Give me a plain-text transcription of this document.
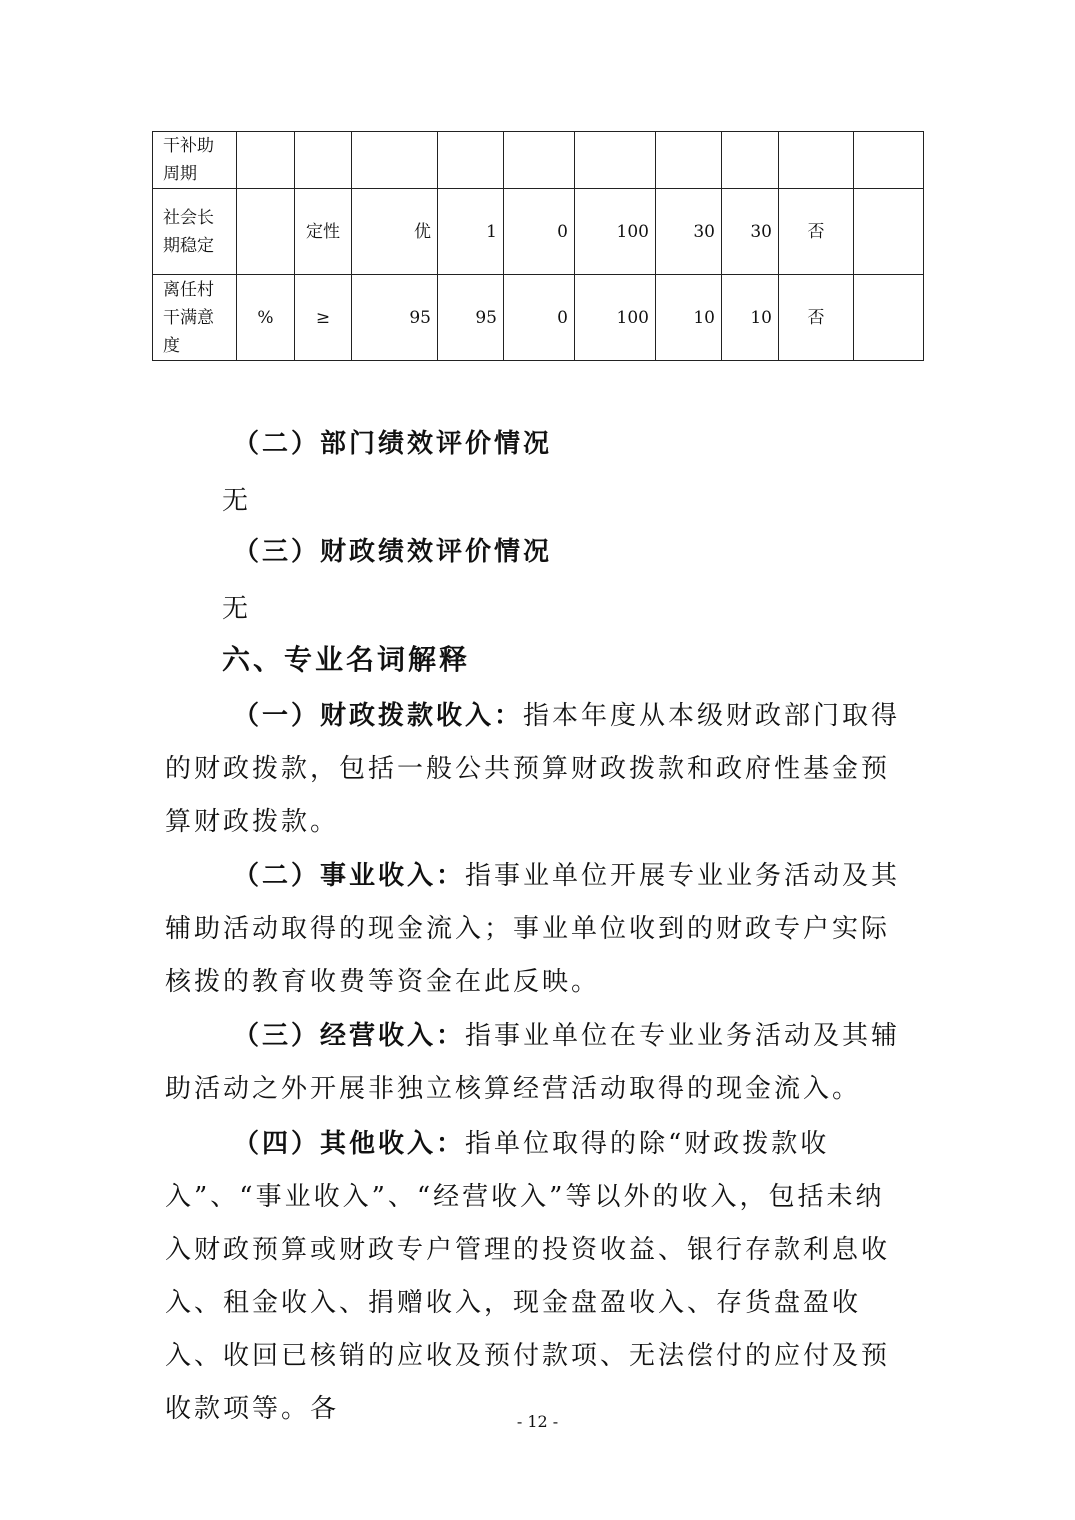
干补助周期										
社会长期稳定		定性	优	1	0	100	30	30	否	
离任村干满意度	%	≥	95	95	0	100	10	10	否	
（二）部门绩效评价情况
无
（三）财政绩效评价情况
无
六、专业名词解释
（一）财政拨款收入：指本年度从本级财政部门取得的财政拨款，包括一般公共预算财政拨款和政府性基金预算财政拨款。
（二）事业收入：指事业单位开展专业业务活动及其辅助活动取得的现金流入；事业单位收到的财政专户实际核拨的教育收费等资金在此反映。
（三）经营收入：指事业单位在专业业务活动及其辅助活动之外开展非独立核算经营活动取得的现金流入。
（四）其他收入：指单位取得的除“财政拨款收入”、“事业收入”、“经营收入”等以外的收入，包括未纳入财政预算或财政专户管理的投资收益、银行存款利息收入、租金收入、捐赠收入，现金盘盈收入、存货盘盈收入、收回已核销的应收及预付款项、无法偿付的应付及预收款项等。各	- 12 -
